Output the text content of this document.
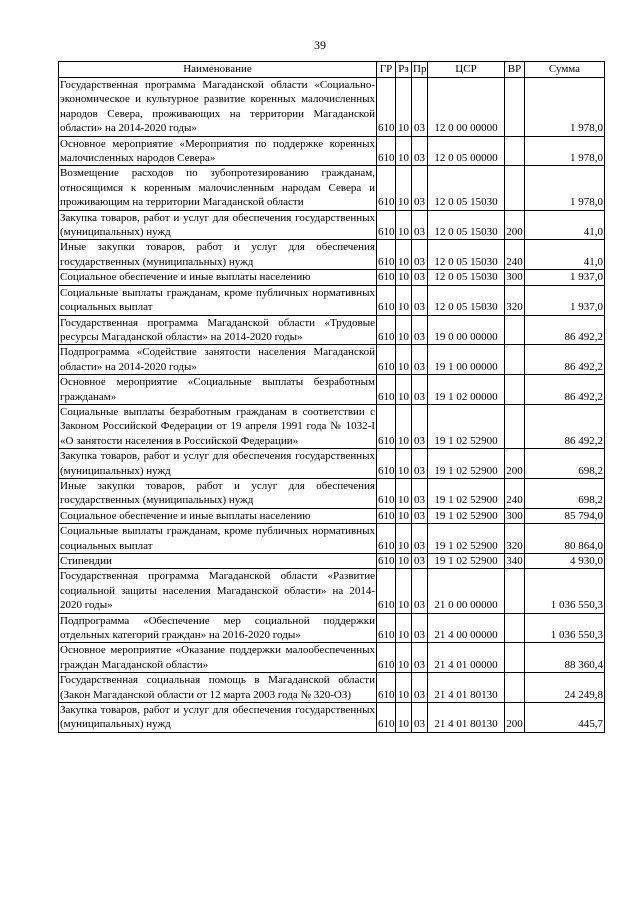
39
Наименование	ГР	Рз	Пр	ЦСР	ВР	Сумма
Государственная программа Магаданской области «Социально-экономическое и культурное развитие коренных малочисленных народов Севера, проживающих на территории Магаданской области» на 2014-2020 годы»	610	10	03	12 0 00 00000		1 978,0
Основное мероприятие «Мероприятия по поддержке коренных малочисленных народов Севера»	610	10	03	12 0 05 00000		1 978,0
Возмещение расходов по зубопротезированию гражданам, относящимся к коренным малочисленным народам Севера и проживающим на территории Магаданской области	610	10	03	12 0 05 15030		1 978,0
Закупка товаров, работ и услуг для обеспечения государственных (муниципальных) нужд	610	10	03	12 0 05 15030	200	41,0
Иные закупки товаров, работ и услуг для обеспечения государственных (муниципальных) нужд	610	10	03	12 0 05 15030	240	41,0
Социальное обеспечение и иные выплаты населению	610	10	03	12 0 05 15030	300	1 937,0
Социальные выплаты гражданам, кроме публичных нормативных социальных выплат	610	10	03	12 0 05 15030	320	1 937,0
Государственная программа Магаданской области «Трудовые ресурсы Магаданской области» на 2014-2020 годы»	610	10	03	19 0 00 00000		86 492,2
Подпрограмма «Содействие занятости населения Магаданской области» на 2014-2020 годы»	610	10	03	19 1 00 00000		86 492,2
Основное мероприятие «Социальные выплаты безработным гражданам»	610	10	03	19 1 02 00000		86 492,2
Социальные выплаты безработным гражданам в соответствии с Законом Российской Федерации от 19 апреля 1991 года № 1032-I «О занятости населения в Российской Федерации»	610	10	03	19 1 02 52900		86 492,2
Закупка товаров, работ и услуг для обеспечения государственных (муниципальных) нужд	610	10	03	19 1 02 52900	200	698,2
Иные закупки товаров, работ и услуг для обеспечения государственных (муниципальных) нужд	610	10	03	19 1 02 52900	240	698,2
Социальное обеспечение и иные выплаты населению	610	10	03	19 1 02 52900	300	85 794,0
Социальные выплаты гражданам, кроме публичных нормативных социальных выплат	610	10	03	19 1 02 52900	320	80 864,0
Стипендии	610	10	03	19 1 02 52900	340	4 930,0
Государственная программа Магаданской области «Развитие социальной защиты населения Магаданской области» на 2014-2020 годы»	610	10	03	21 0 00 00000		1 036 550,3
Подпрограмма «Обеспечение мер социальной поддержки отдельных категорий граждан» на 2016-2020 годы»	610	10	03	21 4 00 00000		1 036 550,3
Основное мероприятие «Оказание поддержки малообеспеченных граждан Магаданской области»	610	10	03	21 4 01 00000		88 360,4
Государственная социальная помощь в Магаданской области (Закон Магаданской области от 12 марта 2003 года № 320-ОЗ)	610	10	03	21 4 01 80130		24 249,8
Закупка товаров, работ и услуг для обеспечения государственных (муниципальных) нужд	610	10	03	21 4 01 80130	200	445,7
